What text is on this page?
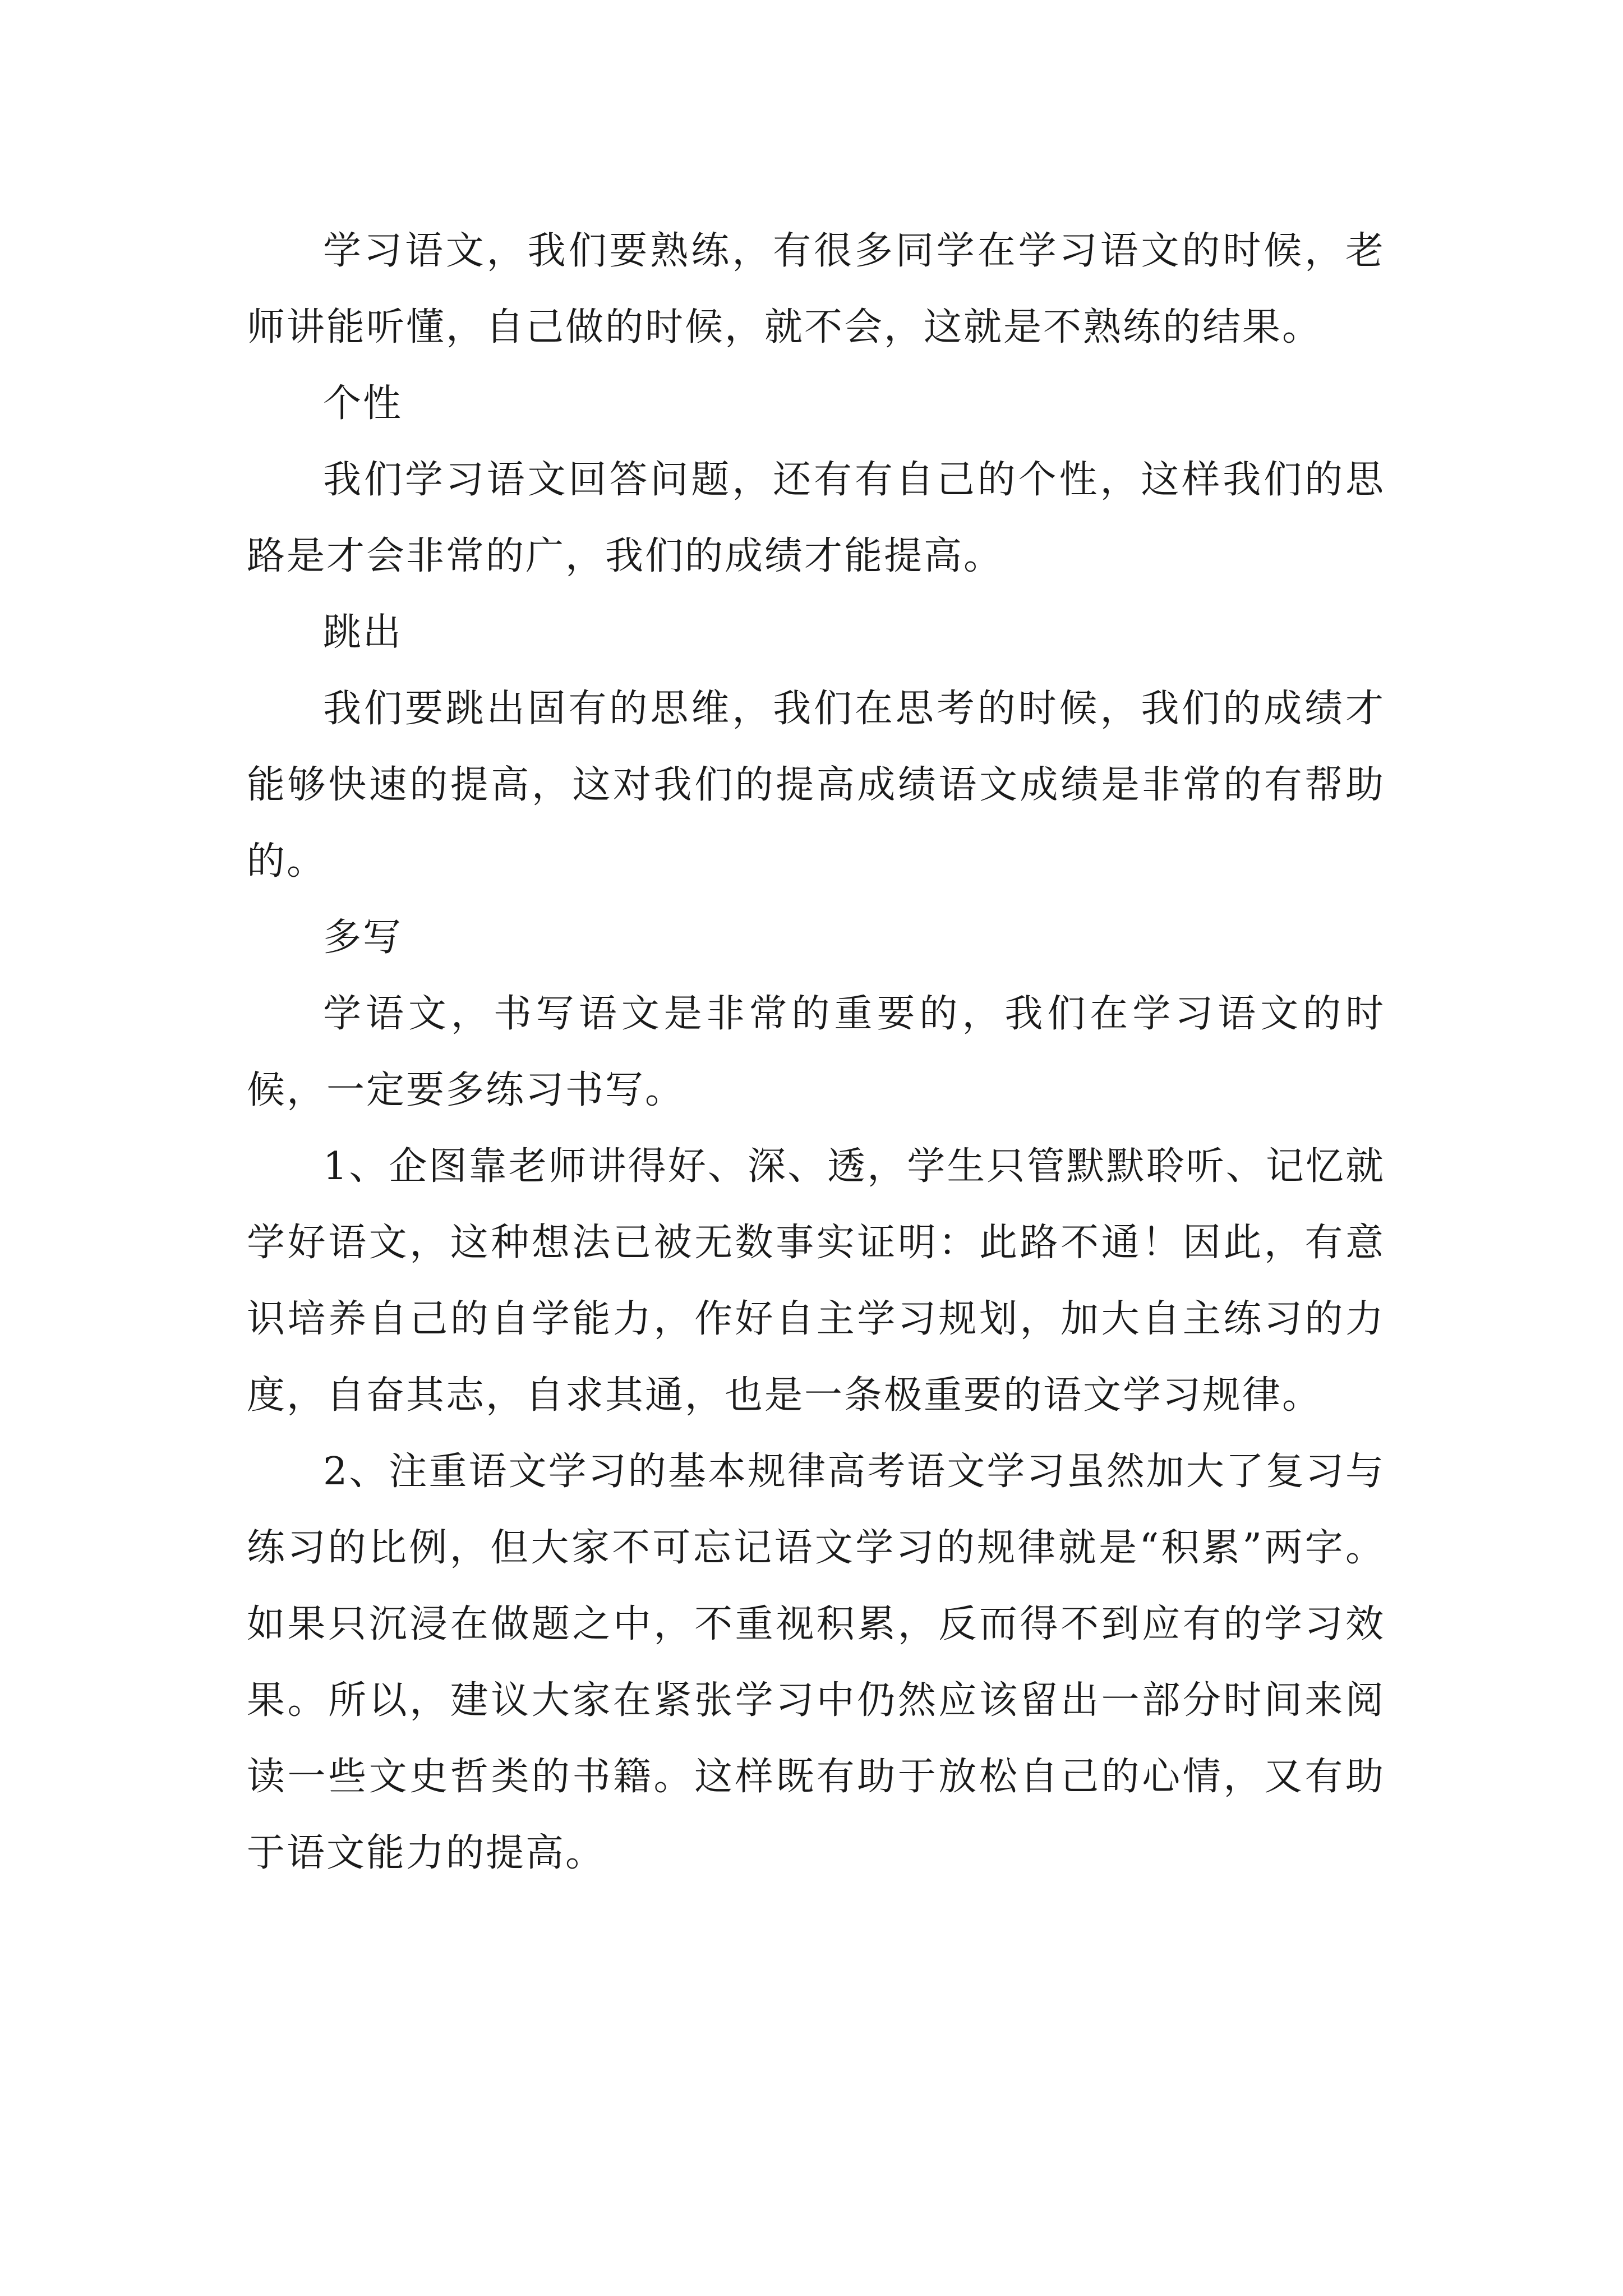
学习语文，我们要熟练，有很多同学在学习语文的时候，老师讲能听懂，自己做的时候，就不会，这就是不熟练的结果。

个性

我们学习语文回答问题，还有有自己的个性，这样我们的思路是才会非常的广，我们的成绩才能提高。

跳出

我们要跳出固有的思维，我们在思考的时候，我们的成绩才能够快速的提高，这对我们的提高成绩语文成绩是非常的有帮助的。

多写

学语文，书写语文是非常的重要的，我们在学习语文的时候，一定要多练习书写。

1、企图靠老师讲得好、深、透，学生只管默默聆听、记忆就学好语文，这种想法已被无数事实证明：此路不通！因此，有意识培养自己的自学能力，作好自主学习规划，加大自主练习的力度，自奋其志，自求其通，也是一条极重要的语文学习规律。

2、注重语文学习的基本规律高考语文学习虽然加大了复习与练习的比例，但大家不可忘记语文学习的规律就是“积累”两字。如果只沉浸在做题之中，不重视积累，反而得不到应有的学习效果。所以，建议大家在紧张学习中仍然应该留出一部分时间来阅读一些文史哲类的书籍。这样既有助于放松自己的心情，又有助于语文能力的提高。
